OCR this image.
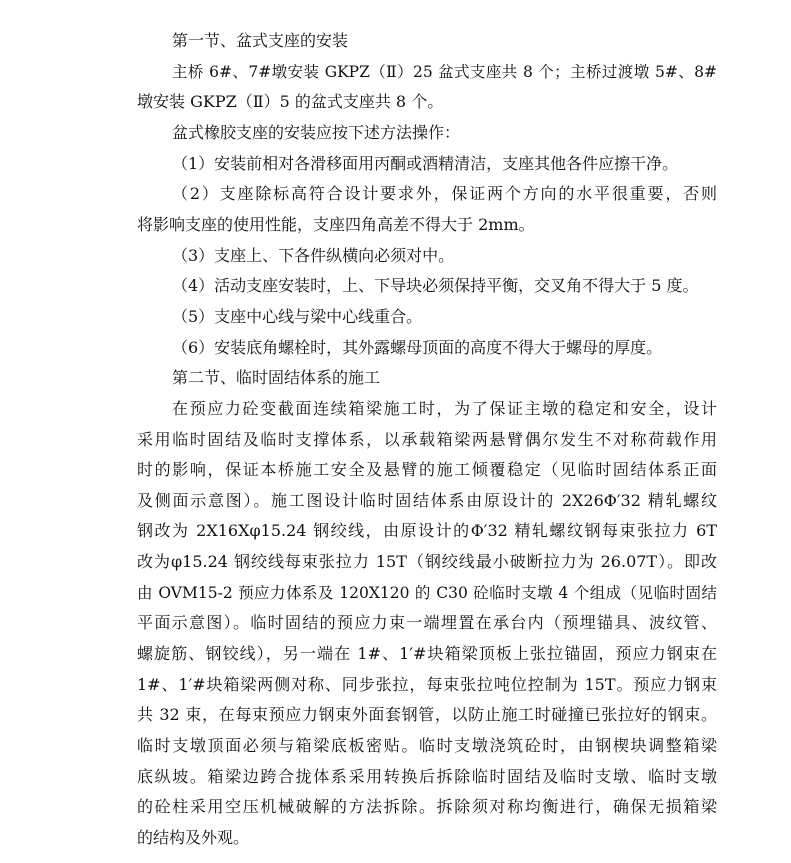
第一节、盆式支座的安装
主桥 6#、7#墩安装 GKPZ（Ⅱ）25 盆式支座共 8 个；主桥过渡墩 5#、8#
墩安装 GKPZ（Ⅱ）5 的盆式支座共 8 个。
盆式橡胶支座的安装应按下述方法操作：
（1）安装前相对各滑移面用丙酮或酒精清洁，支座其他各件应擦干净。
（2）支座除标高符合设计要求外，保证两个方向的水平很重要，否则
将影响支座的使用性能，支座四角高差不得大于 2mm。
（3）支座上、下各件纵横向必须对中。
（4）活动支座安装时，上、下导块必须保持平衡，交叉角不得大于 5 度。
（5）支座中心线与梁中心线重合。
（6）安装底角螺栓时，其外露螺母顶面的高度不得大于螺母的厚度。
第二节、临时固结体系的施工
在预应力砼变截面连续箱梁施工时，为了保证主墩的稳定和安全，设计
采用临时固结及临时支撑体系，以承载箱梁两悬臂偶尔发生不对称荷载作用
时的影响，保证本桥施工安全及悬臂的施工倾覆稳定（见临时固结体系正面
及侧面示意图）。施工图设计临时固结体系由原设计的 2X26Φ′32 精轧螺纹
钢改为 2X16Xφ15.24 钢绞线，由原设计的Φ′32 精轧螺纹钢每束张拉力 6T
改为φ15.24 钢绞线每束张拉力 15T（钢绞线最小破断拉力为 26.07T）。即改
由 OVM15-2 预应力体系及 120X120 的 C30 砼临时支墩 4 个组成（见临时固结
平面示意图）。临时固结的预应力束一端埋置在承台内（预埋锚具、波纹管、
螺旋筋、钢铰线），另一端在 1#、1′#块箱梁顶板上张拉锚固，预应力钢束在
1#、1′#块箱梁两侧对称、同步张拉，每束张拉吨位控制为 15T。预应力钢束
共 32 束，在每束预应力钢束外面套钢管，以防止施工时碰撞已张拉好的钢束。
临时支墩顶面必须与箱梁底板密贴。临时支墩浇筑砼时，由钢楔块调整箱梁
底纵坡。箱梁边跨合拢体系采用转换后拆除临时固结及临时支墩、临时支墩
的砼柱采用空压机械破解的方法拆除。拆除须对称均衡进行，确保无损箱梁
的结构及外观。
